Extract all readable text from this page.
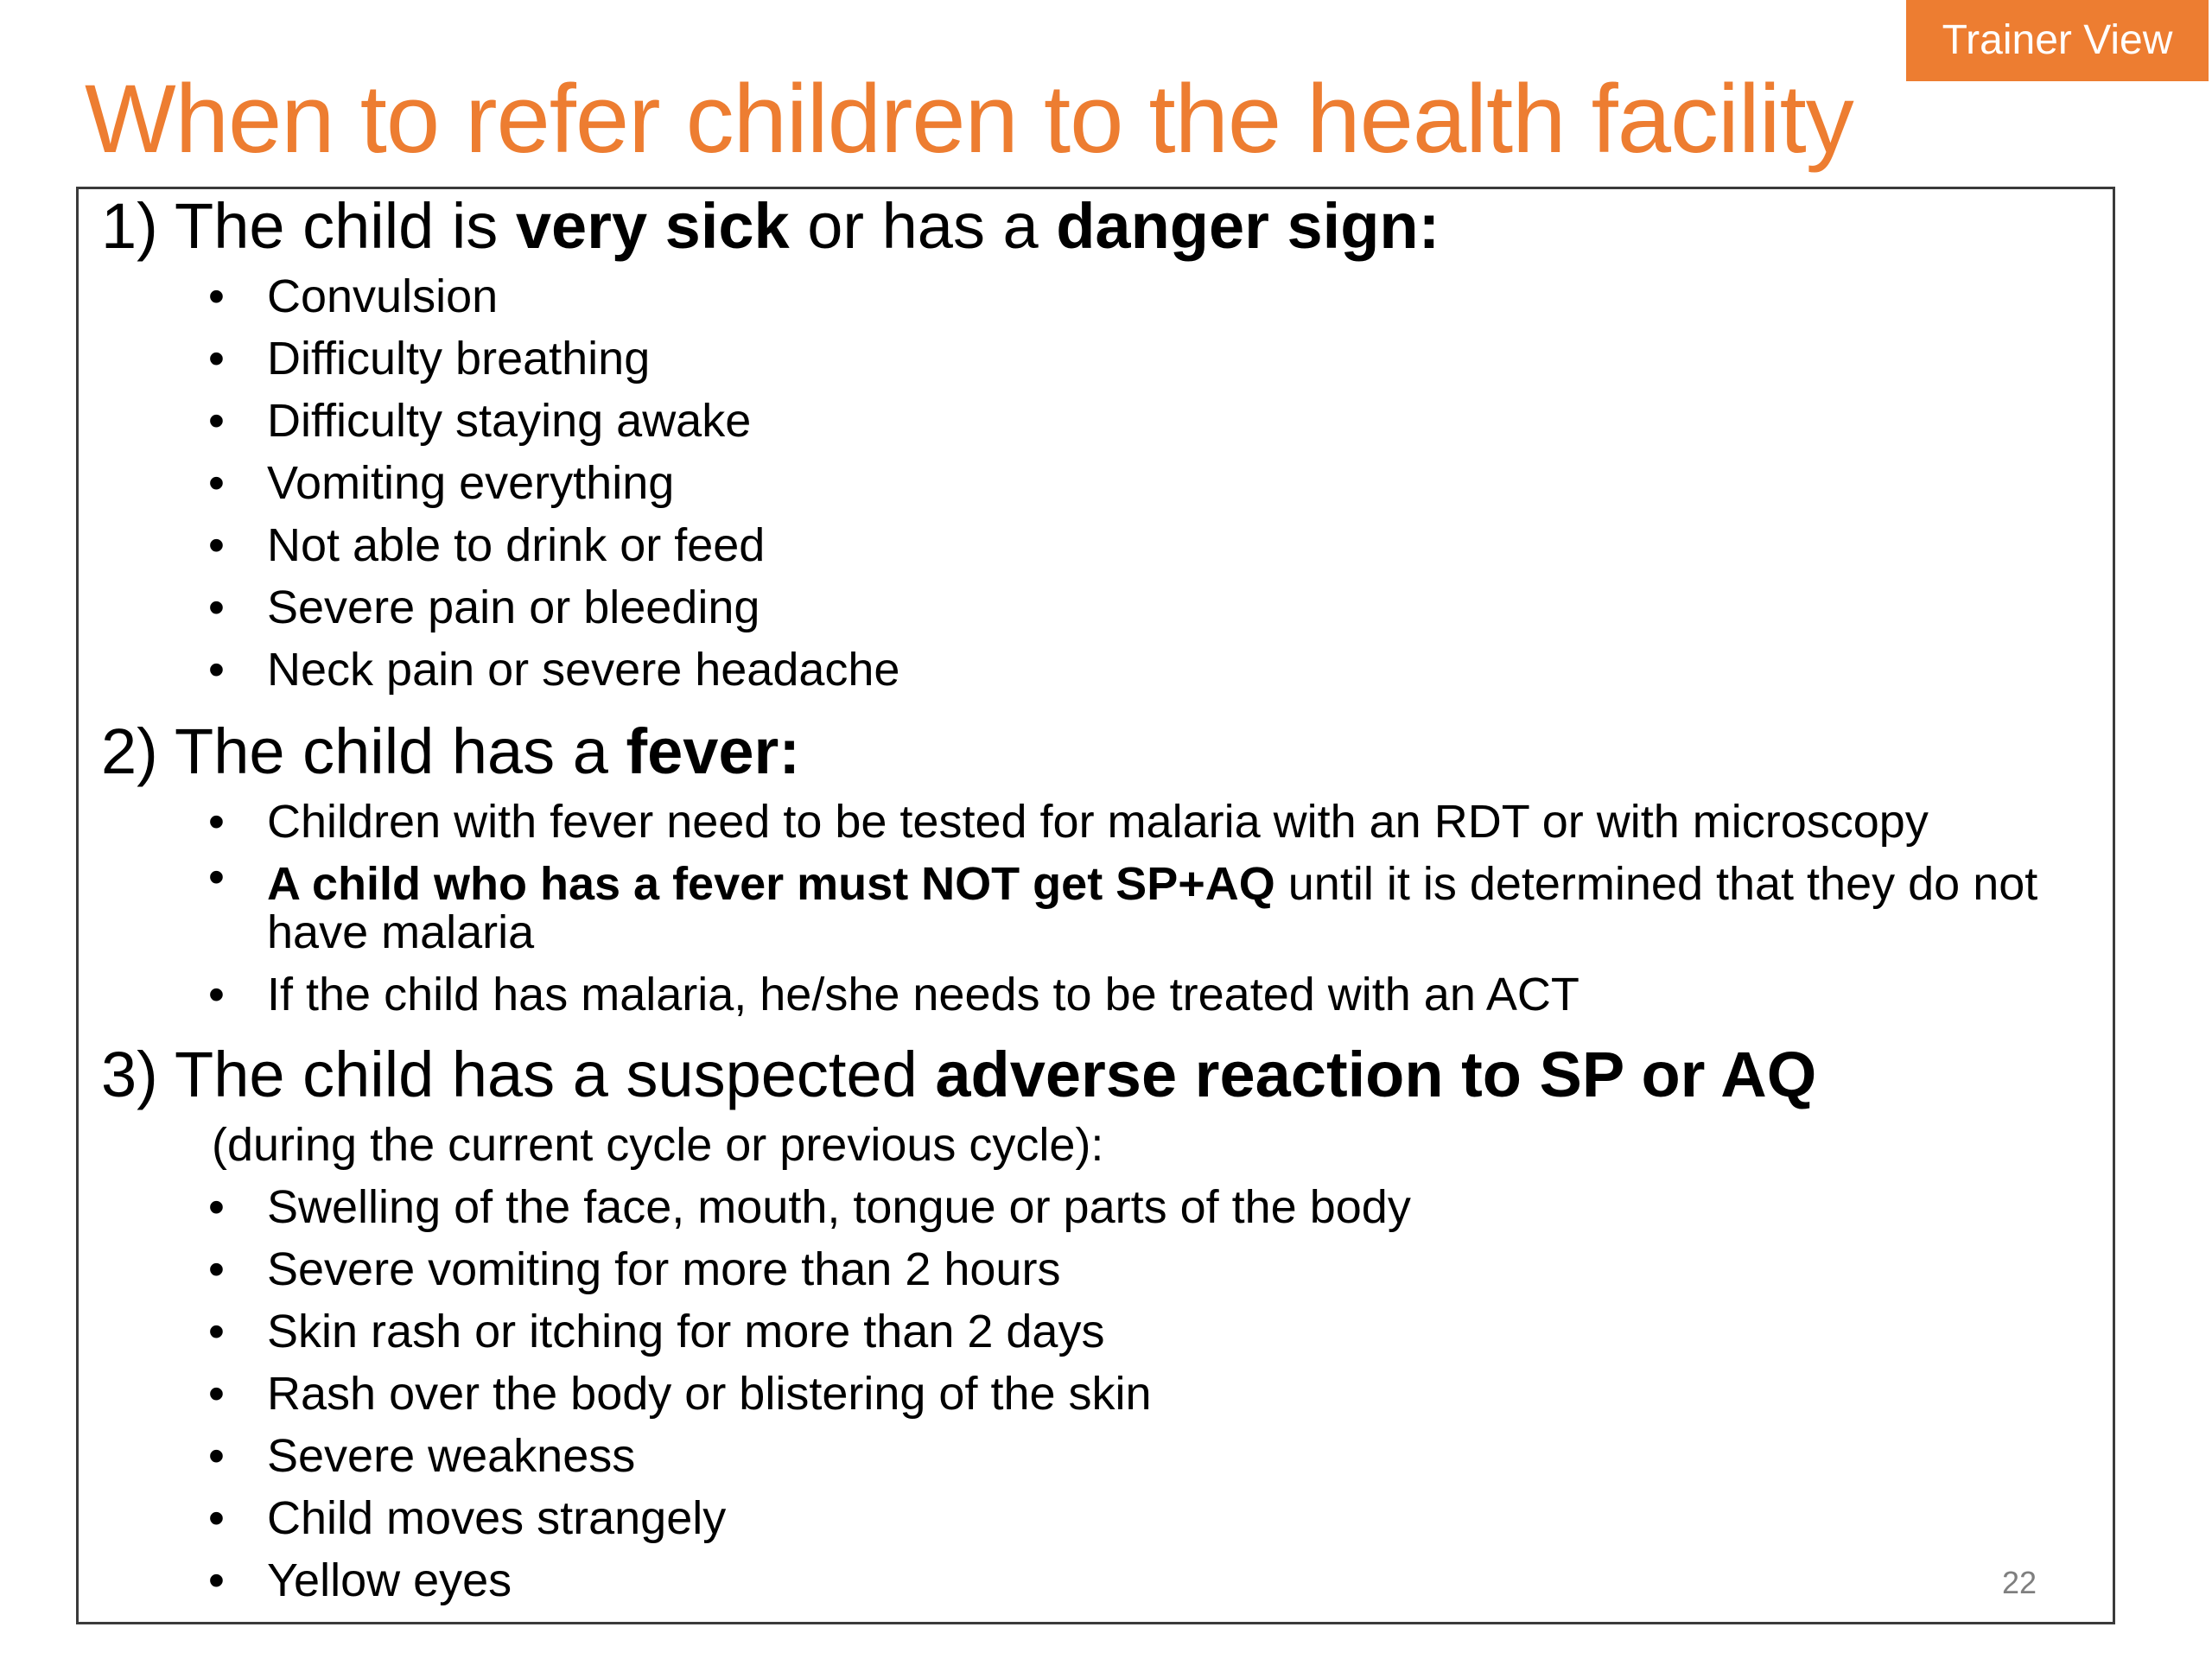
Trainer View
When to refer children to the health facility
1) The child is very sick or has a danger sign:
• Convulsion
• Difficulty breathing
• Difficulty staying awake
• Vomiting everything
• Not able to drink or feed
• Severe pain or bleeding
• Neck pain or severe headache
2) The child has a fever:
• Children with fever need to be tested for malaria with an RDT or with microscopy
• A child who has a fever must NOT get SP+AQ until it is determined that they do not have malaria
• If the child has malaria, he/she needs to be treated with an ACT
3) The child has a suspected adverse reaction to SP or AQ
(during the current cycle or previous cycle):
• Swelling of the face, mouth, tongue or parts of the body
• Severe vomiting for more than 2 hours
• Skin rash or itching for more than 2 days
• Rash over the body or blistering of the skin
• Severe weakness
• Child moves strangely
• Yellow eyes	22
